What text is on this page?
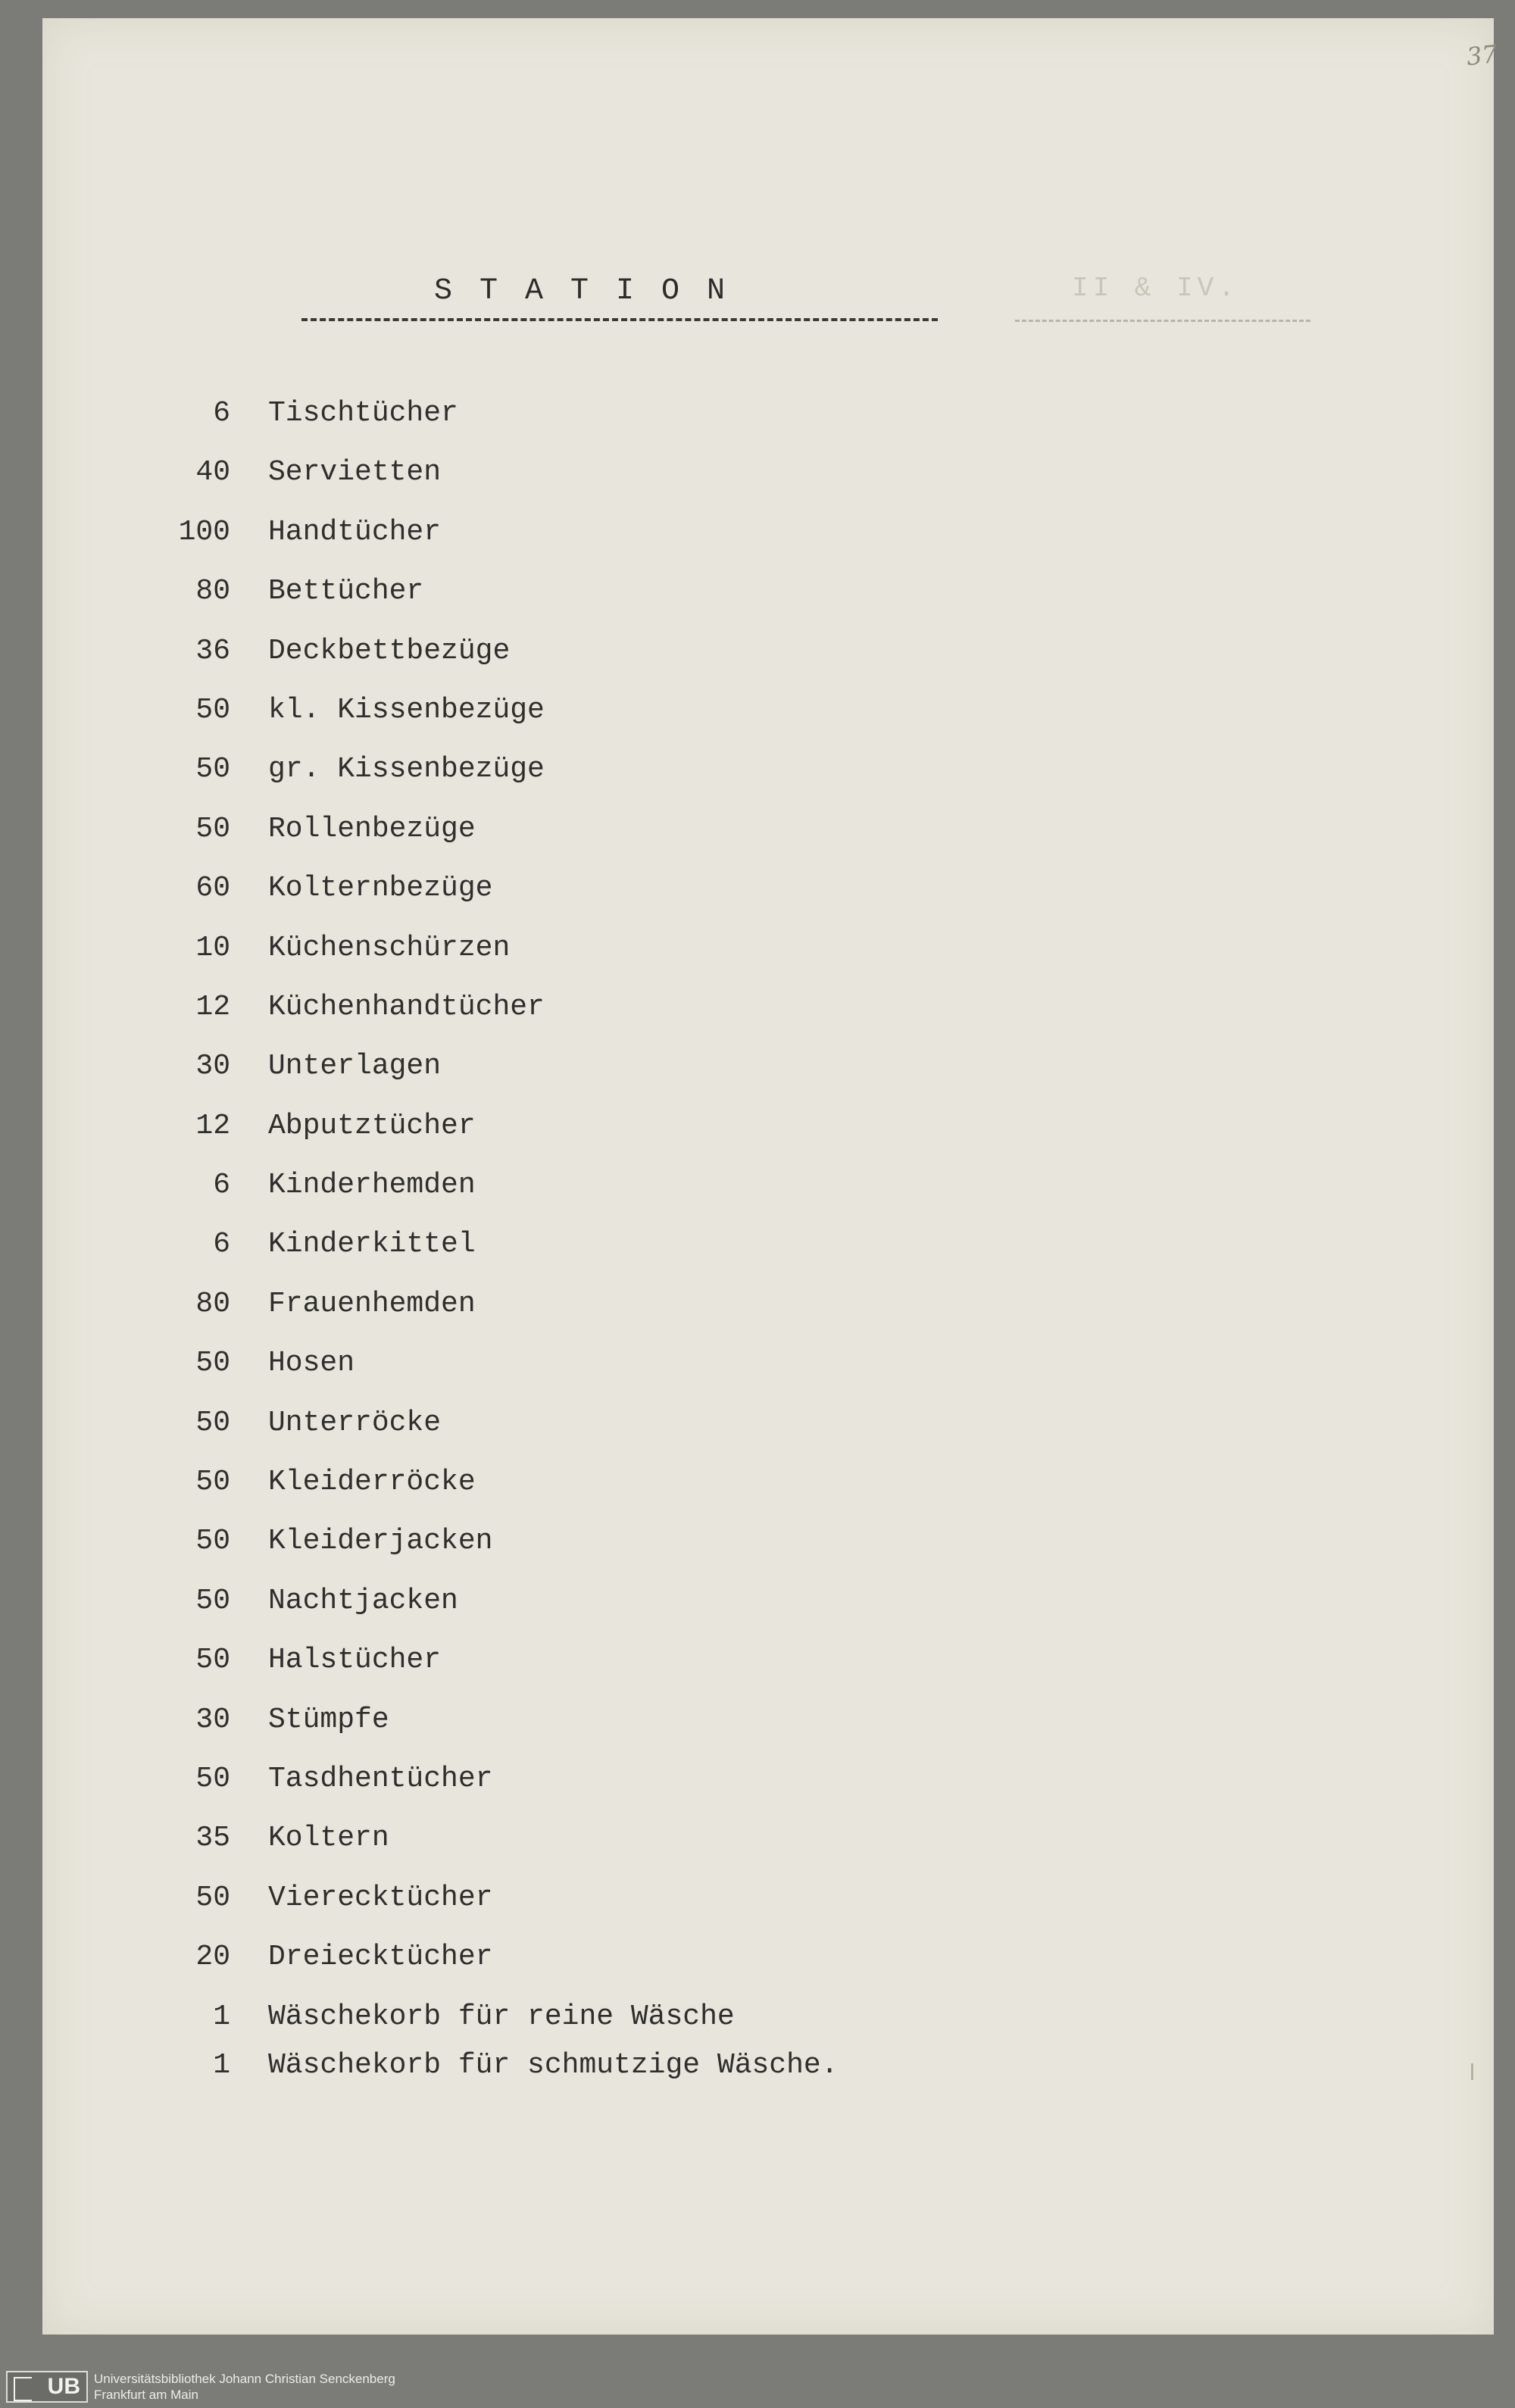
37
S T A T I O N	II & IV.
6 Tischtücher
40 Servietten
100 Handtücher
80 Bettücher
36 Deckbettbezüge
50 kl. Kissenbezüge
50 gr. Kissenbezüge
50 Rollenbezüge
60 Kolternbezüge
10 Küchenschürzen
12 Küchenhandtücher
30 Unterlagen
12 Abputztücher
6 Kinderhemden
6 Kinderkittel
80 Frauenhemden
50 Hosen
50 Unterröcke
50 Kleiderröcke
50 Kleiderjacken
50 Nachtjacken
50 Halstücher
30 Stümpfe
50 Tasdhentücher
35 Koltern
50 Vierecktücher
20 Dreiecktücher
1 Wäschekorb für reine Wäsche
1 Wäschekorb für schmutzige Wäsche.
UB Universitätsbibliothek Johann Christian Senckenberg
Frankfurt am Main
